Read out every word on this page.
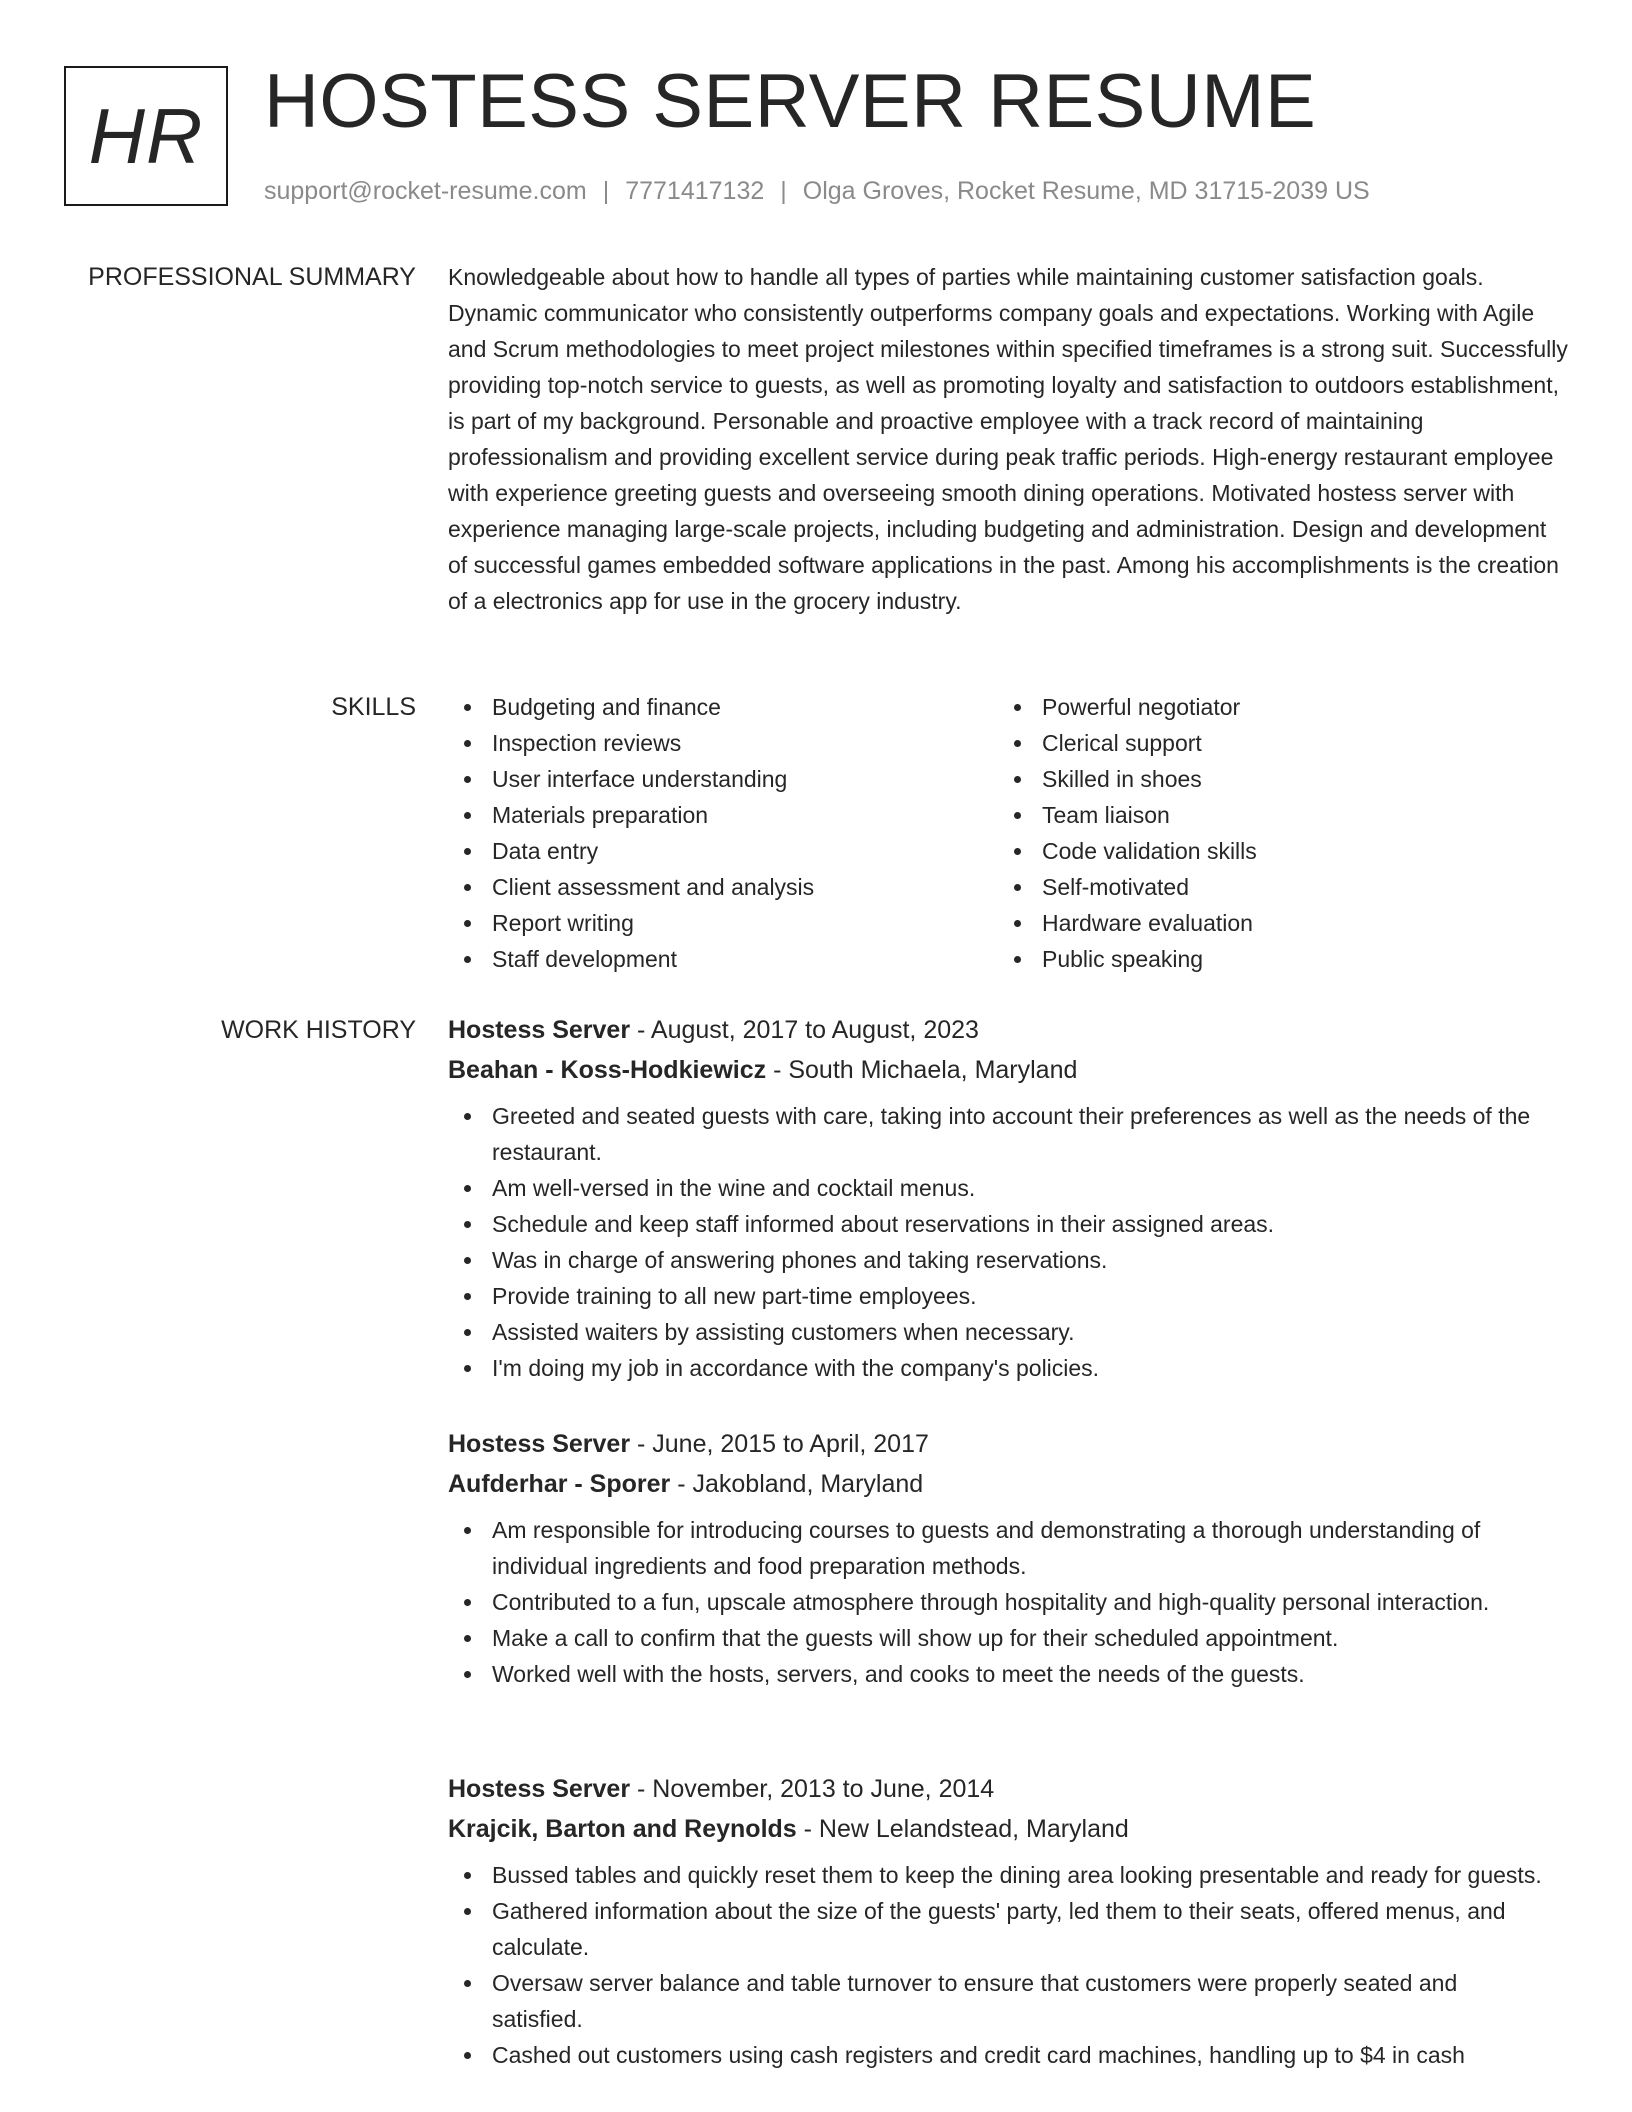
HR HOSTESS SERVER RESUME
support@rocket-resume.com | 7771417132 | Olga Groves, Rocket Resume, MD 31715-2039 US
PROFESSIONAL SUMMARY Knowledgeable about how to handle all types of parties while maintaining customer satisfaction goals. Dynamic communicator who consistently outperforms company goals and expectations. Working with Agile and Scrum methodologies to meet project milestones within specified timeframes is a strong suit. Successfully providing top-notch service to guests, as well as promoting loyalty and satisfaction to outdoors establishment, is part of my background. Personable and proactive employee with a track record of maintaining professionalism and providing excellent service during peak traffic periods. High-energy restaurant employee with experience greeting guests and overseeing smooth dining operations. Motivated hostess server with experience managing large-scale projects, including budgeting and administration. Design and development of successful games embedded software applications in the past. Among his accomplishments is the creation of a electronics app for use in the grocery industry.

SKILLS	Budgeting and finance
Inspection reviews
User interface understanding
Materials preparation
Data entry
Client assessment and analysis
Report writing
Staff development
Powerful negotiator
Clerical support
Skilled in shoes
Team liaison
Code validation skills
Self-motivated
Hardware evaluation
Public speaking
WORK HISTORY Hostess Server - August, 2017 to August, 2023
Beahan - Koss-Hodkiewicz - South Michaela, Maryland
Greeted and seated guests with care, taking into account their preferences as well as the needs of the restaurant.
Am well-versed in the wine and cocktail menus.
Schedule and keep staff informed about reservations in their assigned areas.
Was in charge of answering phones and taking reservations.
Provide training to all new part-time employees.
Assisted waiters by assisting customers when necessary.
I'm doing my job in accordance with the company's policies.
Hostess Server - June, 2015 to April, 2017
Aufderhar - Sporer - Jakobland, Maryland
Am responsible for introducing courses to guests and demonstrating a thorough understanding of individual ingredients and food preparation methods.
Contributed to a fun, upscale atmosphere through hospitality and high-quality personal interaction.
Make a call to confirm that the guests will show up for their scheduled appointment.
Worked well with the hosts, servers, and cooks to meet the needs of the guests.
Hostess Server - November, 2013 to June, 2014
Krajcik, Barton and Reynolds - New Lelandstead, Maryland
Bussed tables and quickly reset them to keep the dining area looking presentable and ready for guests.
Gathered information about the size of the guests' party, led them to their seats, offered menus, and calculate.
Oversaw server balance and table turnover to ensure that customers were properly seated and satisfied.
Cashed out customers using cash registers and credit card machines, handling up to $4 in cash
